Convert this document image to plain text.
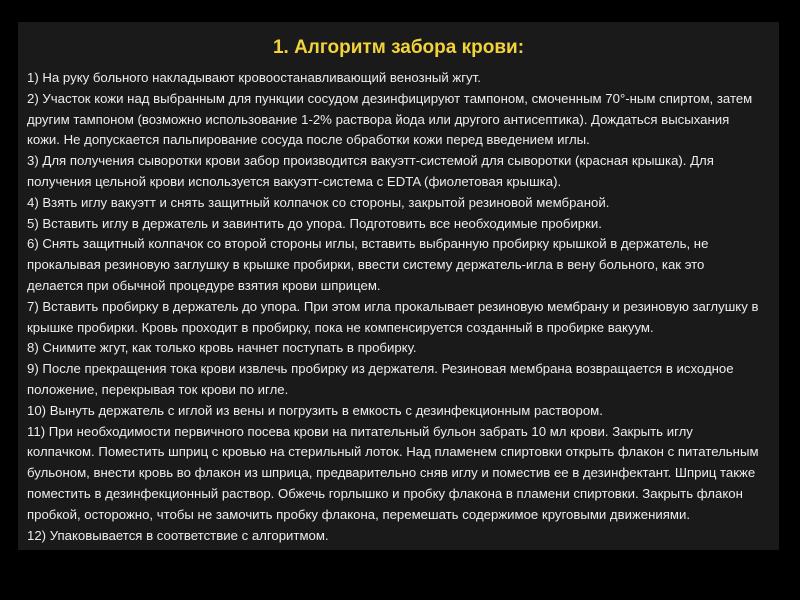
1. Алгоритм забора крови:
1) На руку больного накладывают кровоостанавливающий венозный жгут.
2) Участок кожи над выбранным для пункции сосудом дезинфицируют тампоном, смоченным 70°-ным спиртом, затем
другим тампоном (возможно использование 1-2% раствора йода или другого антисептика). Дождаться высыхания
кожи. Не допускается пальпирование сосуда после обработки кожи перед введением иглы.
3) Для получения сыворотки крови забор производится вакуэтт-системой для сыворотки (красная крышка). Для
получения цельной крови используется вакуэтт-система с EDTA (фиолетовая крышка).
4) Взять иглу вакуэтт и снять защитный колпачок со стороны, закрытой резиновой мембраной.
5) Вставить иглу в держатель и завинтить до упора. Подготовить все необходимые пробирки.
6) Снять защитный колпачок со второй стороны иглы, вставить выбранную пробирку крышкой в держатель, не
прокалывая резиновую заглушку в крышке пробирки, ввести систему держатель-игла в вену больного, как это
делается при обычной процедуре взятия крови шприцем.
7) Вставить пробирку в держатель до упора. При этом игла прокалывает резиновую мембрану и резиновую заглушку в
крышке пробирки. Кровь проходит в пробирку, пока не компенсируется созданный в пробирке вакуум.
8) Снимите жгут, как только кровь начнет поступать в пробирку.
9) После прекращения тока крови извлечь пробирку из держателя. Резиновая мембрана возвращается в исходное
положение, перекрывая ток крови по игле.
10) Вынуть держатель с иглой из вены и погрузить в емкость с дезинфекционным раствором.
11) При необходимости первичного посева крови на питательный бульон забрать 10 мл крови. Закрыть иглу
колпачком. Поместить шприц с кровью на стерильный лоток. Над пламенем спиртовки открыть флакон с питательным
бульоном, внести кровь во флакон из шприца, предварительно сняв иглу и поместив ее в дезинфектант. Шприц также
поместить в дезинфекционный раствор. Обжечь горлышко и пробку флакона в пламени спиртовки. Закрыть флакон
пробкой, осторожно, чтобы не замочить пробку флакона, перемешать содержимое круговыми движениями.
12) Упаковывается в соответствие с алгоритмом.
